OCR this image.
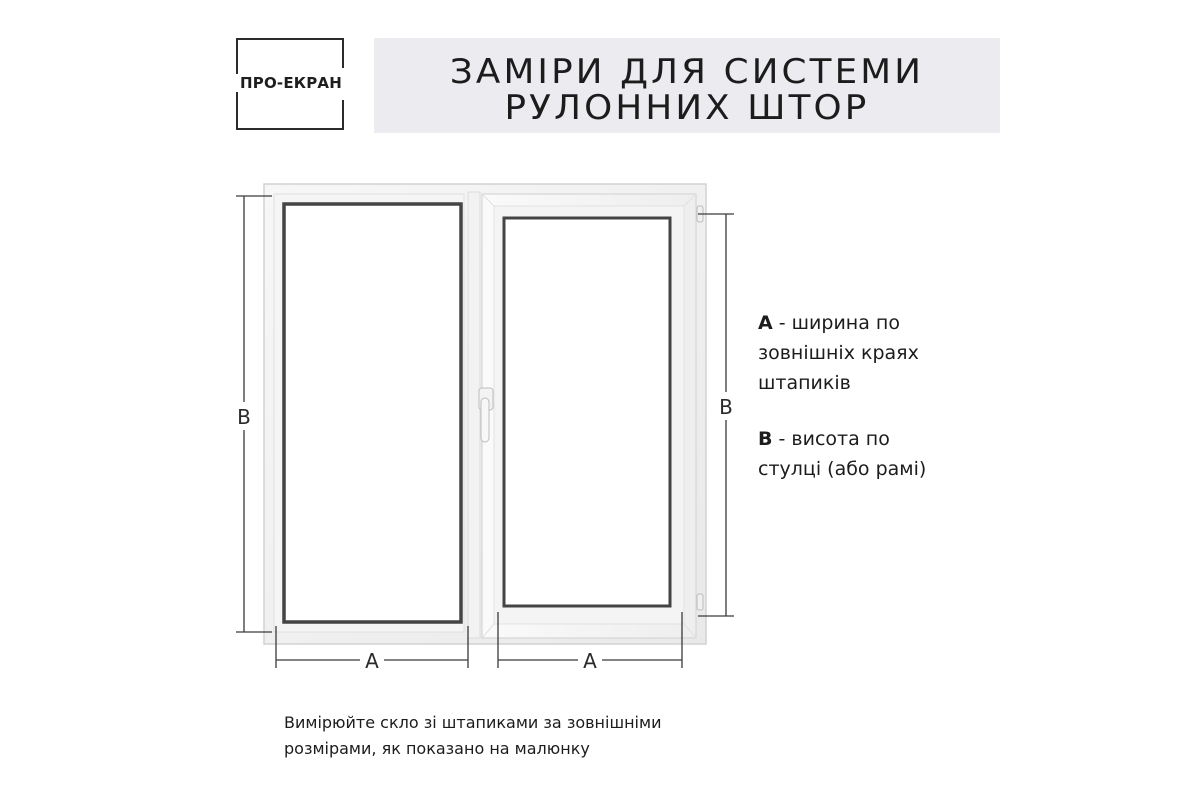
ПРО-ЕКРАН	ЗАМІРИ ДЛЯ СИСТЕМИ
РУЛОННИХ ШТОР
B	B
A	A
A - ширина по
зовнішніх краях
штапиків
B - висота по
стулці (або рамі)
Вимірюйте скло зі штапиками за зовнішніми
розмірами, як показано на малюнку
